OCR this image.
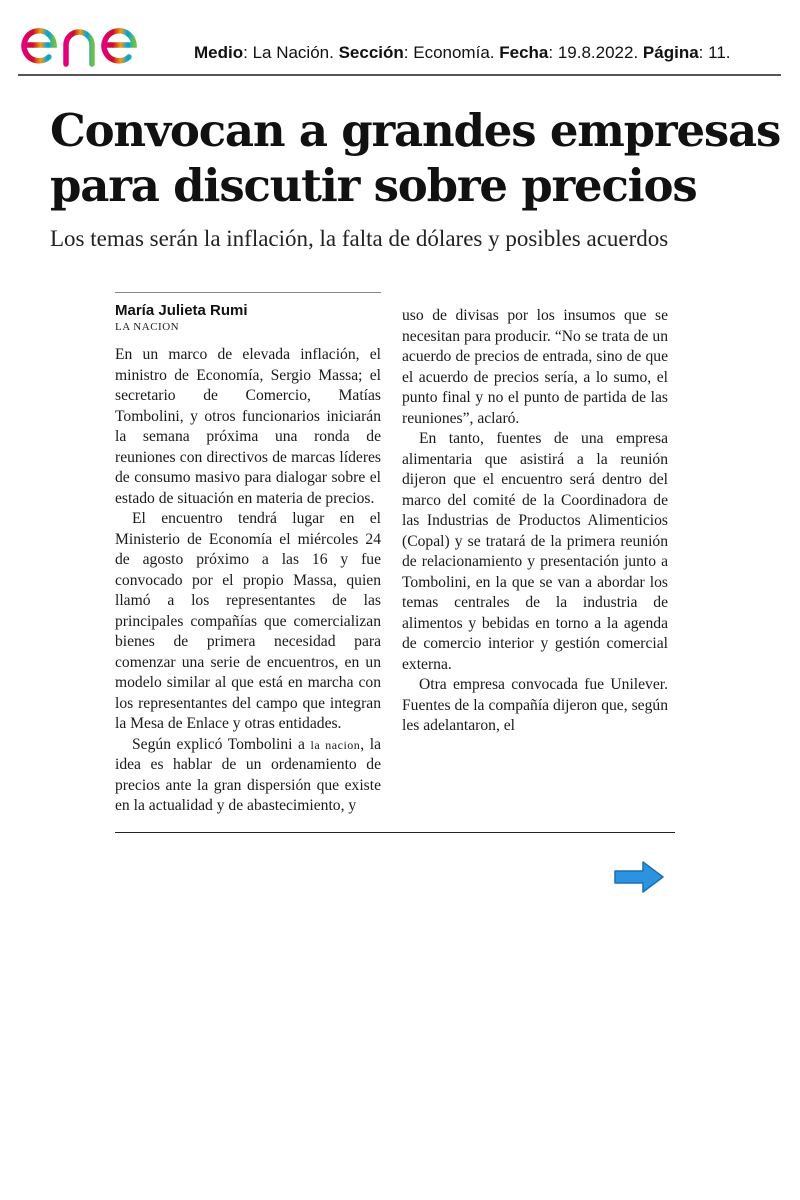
Medio: La Nación. Sección: Economía. Fecha: 19.8.2022. Página: 11.
Convocan a grandes empresas
para discutir sobre precios

Los temas serán la inflación, la falta de dólares y posibles acuerdos

María Julieta Rumi
LA NACION

En un marco de elevada inflación, el ministro de Economía, Sergio Massa; el secretario de Comercio, Matías Tombolini, y otros funcionarios iniciarán la semana próxima una ronda de reuniones con directivos de marcas líderes de consumo masivo para dialogar sobre el estado de situación en materia de precios.

El encuentro tendrá lugar en el Ministerio de Economía el miércoles 24 de agosto próximo a las 16 y fue convocado por el propio Massa, quien llamó a los representantes de las principales compañías que comercializan bienes de primera necesidad para comenzar una serie de encuentros, en un modelo similar al que está en marcha con los representantes del campo que integran la Mesa de Enlace y otras entidades.

Según explicó Tombolini a la nacion, la idea es hablar de un ordenamiento de precios ante la gran dispersión que existe en la actualidad y de abastecimiento, y

uso de divisas por los insumos que se necesitan para producir. “No se trata de un acuerdo de precios de entrada, sino de que el acuerdo de precios sería, a lo sumo, el punto final y no el punto de partida de las reuniones”, aclaró.

En tanto, fuentes de una empresa alimentaria que asistirá a la reunión dijeron que el encuentro será dentro del marco del comité de la Coordinadora de las Industrias de Productos Alimenticios (Copal) y se tratará de la primera reunión de relacionamiento y presentación junto a Tombolini, en la que se van a abordar los temas centrales de la industria de alimentos y bebidas en torno a la agenda de comercio interior y gestión comercial externa.

Otra empresa convocada fue Unilever. Fuentes de la compañía dijeron que, según les adelantaron, el
